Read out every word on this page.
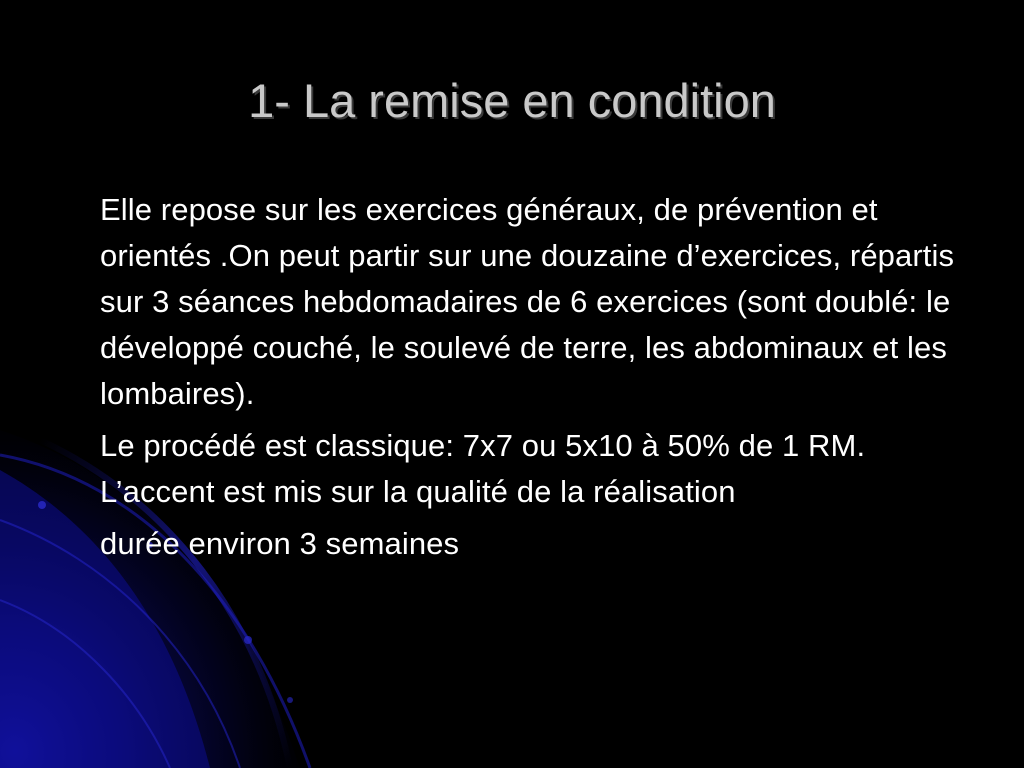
1- La remise en condition

Elle repose sur les exercices généraux, de prévention et orientés .On peut partir sur une douzaine d’exercices, répartis sur 3 séances hebdomadaires de 6 exercices (sont doublé: le développé couché, le soulevé de terre, les abdominaux et les lombaires).

Le procédé est classique: 7x7 ou 5x10 à 50% de 1 RM. L’accent est mis sur la qualité de la réalisation

durée environ 3 semaines
